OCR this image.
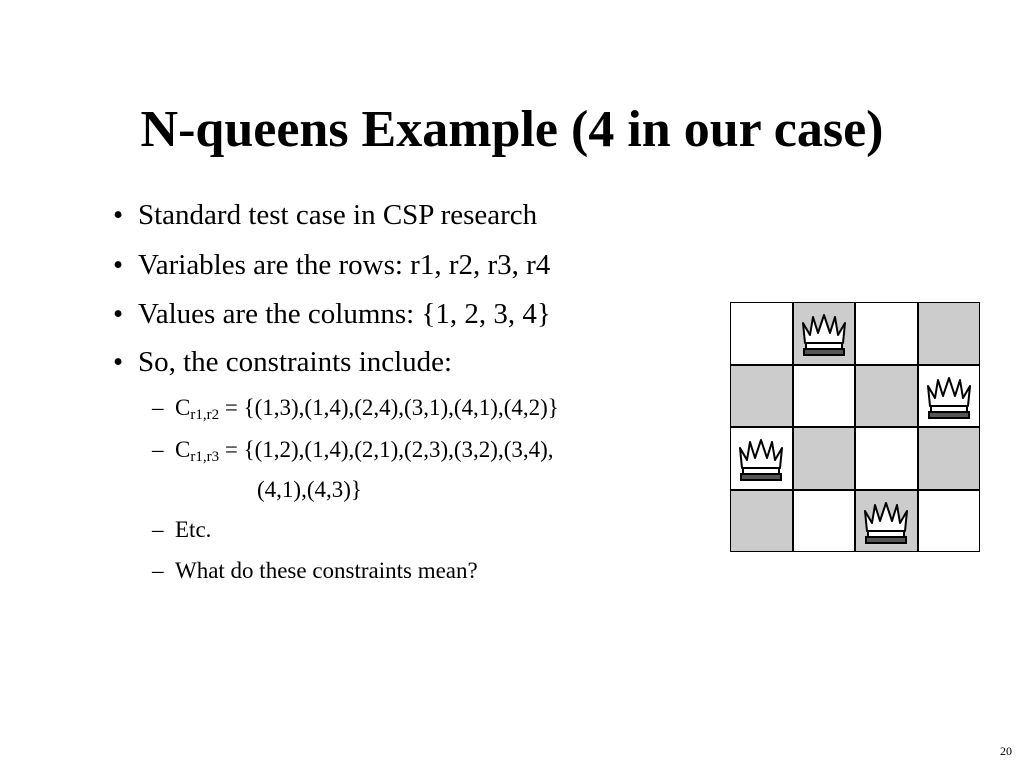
N-queens Example (4 in our case)
• Standard test case in CSP research
• Variables are the rows: r1, r2, r3, r4
• Values are the columns: {1, 2, 3, 4}
• So, the constraints include:
– Cr1,r2 = {(1,3),(1,4),(2,4),(3,1),(4,1),(4,2)}
– Cr1,r3 = {(1,2),(1,4),(2,1),(2,3),(3,2),(3,4),
(4,1),(4,3)}
– Etc.
– What do these constraints mean?
20
